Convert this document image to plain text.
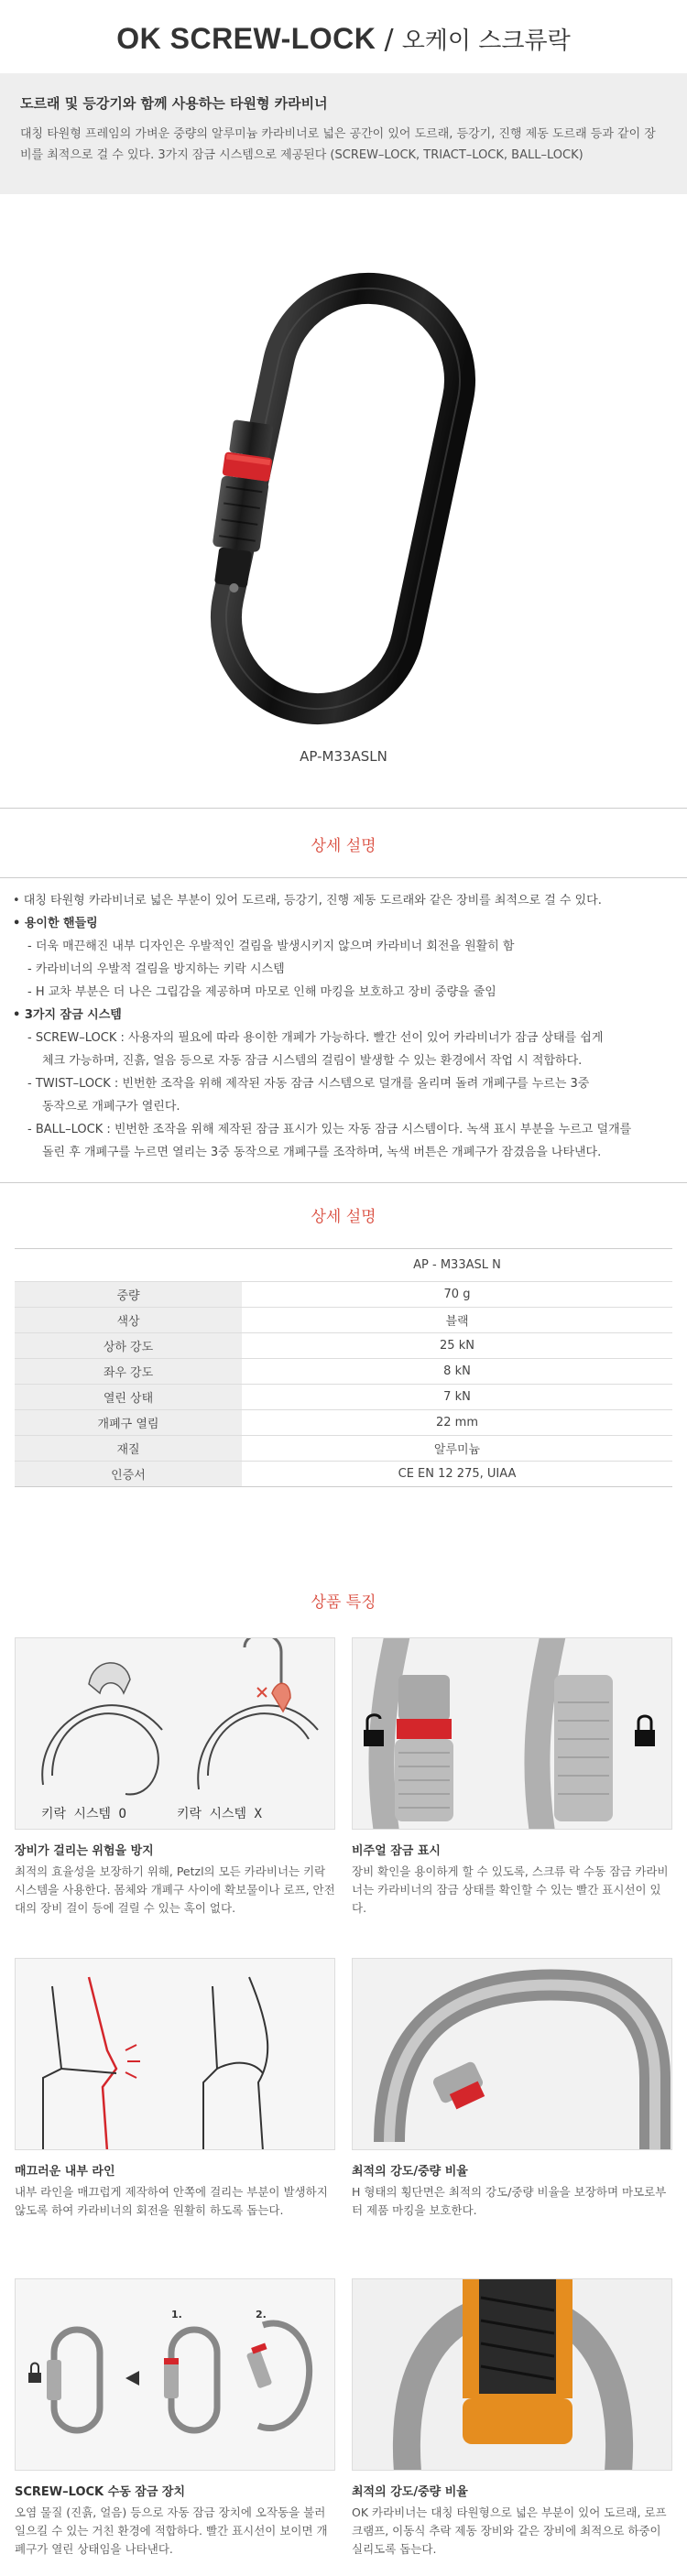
OK SCREW-LOCK / 오케이 스크류락
도르래 및 등강기와 함께 사용하는 타원형 카라비너

대칭 타원형 프레임의 가벼운 중량의 알루미늄 카라비너로 넓은 공간이 있어 도르래, 등강기, 진행 제동 도르래 등과 같이 장비를 최적으로 걸 수 있다. 3가지 잠금 시스템으로 제공된다 (SCREW–LOCK, TRIACT–LOCK, BALL–LOCK)

AP-M33ASLN
상세 설명
• 대칭 타원형 카라비너로 넓은 부분이 있어 도르래, 등강기, 진행 제동 도르래와 같은 장비를 최적으로 걸 수 있다.
• 용이한 핸들링
- 더욱 매끈해진 내부 디자인은 우발적인 걸림을 발생시키지 않으며 카라비너 회전을 원활히 함
- 카라비너의 우발적 걸림을 방지하는 키락 시스템
- H 교차 부분은 더 나은 그립감을 제공하며 마모로 인해 마킹을 보호하고 장비 중량을 줄임
• 3가지 잠금 시스템
- SCREW–LOCK : 사용자의 필요에 따라 용이한 개폐가 가능하다. 빨간 선이 있어 카라비너가 잠금 상태를 쉽게
체크 가능하며, 진흙, 얼음 등으로 자동 잠금 시스템의 걸림이 발생할 수 있는 환경에서 작업 시 적합하다.
- TWIST–LOCK : 빈번한 조작을 위해 제작된 자동 잠금 시스템으로 덜개를 올리며 돌려 개폐구를 누르는 3중
동작으로 개폐구가 열린다.
- BALL–LOCK : 빈번한 조작을 위해 제작된 잠금 표시가 있는 자동 잠금 시스템이다. 녹색 표시 부분을 누르고 덜개를
돌린 후 개폐구를 누르면 열리는 3중 동작으로 개폐구를 조작하며, 녹색 버튼은 개폐구가 잠겼음을 나타낸다.
상세 설명
	AP - M33ASL N
중량	70 g
색상	블랙
상하 강도	25 kN
좌우 강도	8 kN
열린 상태	7 kN
개폐구 열림	22 mm
재질	알루미늄
인증서	CE EN 12 275, UIAA
상품 특징
키락 시스템 O	키락 시스템 X
장비가 걸리는 위험을 방지

최적의 효율성을 보장하기 위해, Petzl의 모든 카라비너는 키락 시스템을 사용한다. 몸체와 개폐구 사이에 확보물이나 로프, 안전대의 장비 걸이 등에 걸릴 수 있는 혹이 없다.

비주얼 잠금 표시

장비 확인을 용이하게 할 수 있도록, 스크류 락 수동 잠금 카라비너는 카라비너의 잠금 상태를 확인할 수 있는 빨간 표시선이 있다.

매끄러운 내부 라인

내부 라인을 매끄럽게 제작하여 안쪽에 걸리는 부분이 발생하지 않도록 하여 카라비너의 회전을 원활히 하도록 돕는다.

최적의 강도/중량 비율

H 형태의 횡단면은 최적의 강도/중량 비율을 보장하며 마모로부터 제품 마킹을 보호한다.

1.	2.
SCREW–LOCK 수동 잠금 장치

오염 물질 (진흙, 얼음) 등으로 자동 잠금 장치에 오작동을 불러일으킬 수 있는 거친 환경에 적합하다. 빨간 표시선이 보이면 개폐구가 열린 상태임을 나타낸다.

최적의 강도/중량 비율

OK 카라비너는 대칭 타원형으로 넓은 부분이 있어 도르래, 로프 크램프, 이동식 추락 제동 장비와 같은 장비에 최적으로 하중이 실리도록 돕는다.
